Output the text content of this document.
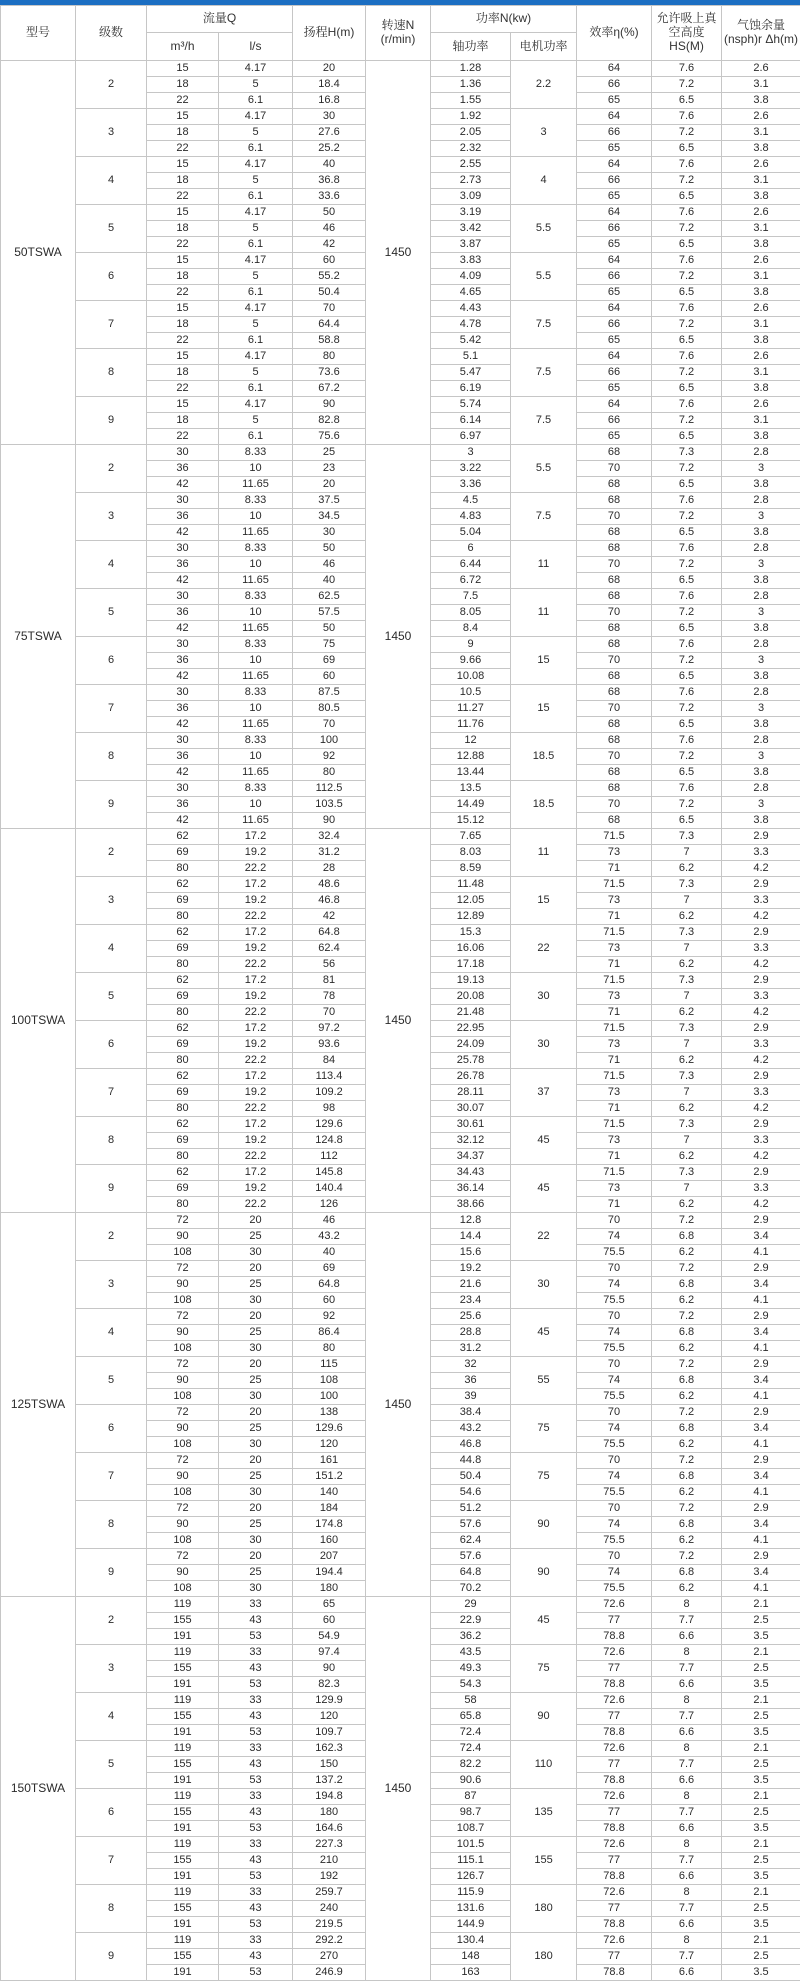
型号	级数	流量Q		扬程H(m)	转速N (r/min)	功率N(kw)		效率η(%)	允许吸上真空高度 HS(M)	气蚀余量 (nsph)r Δh(m)
		m³/h	l/s			轴功率	电机功率			
50TSWA	2	15	4.17	20	1450	1.28	2.2	64	7.6	2.6
		18	5	18.4		1.36		66	7.2	3.1
		22	6.1	16.8		1.55		65	6.5	3.8
	3	15	4.17	30		1.92	3	64	7.6	2.6
		18	5	27.6		2.05		66	7.2	3.1
		22	6.1	25.2		2.32		65	6.5	3.8
	4	15	4.17	40		2.55	4	64	7.6	2.6
		18	5	36.8		2.73		66	7.2	3.1
		22	6.1	33.6		3.09		65	6.5	3.8
	5	15	4.17	50		3.19	5.5	64	7.6	2.6
		18	5	46		3.42		66	7.2	3.1
		22	6.1	42		3.87		65	6.5	3.8
	6	15	4.17	60		3.83	5.5	64	7.6	2.6
		18	5	55.2		4.09		66	7.2	3.1
		22	6.1	50.4		4.65		65	6.5	3.8
	7	15	4.17	70		4.43	7.5	64	7.6	2.6
		18	5	64.4		4.78		66	7.2	3.1
		22	6.1	58.8		5.42		65	6.5	3.8
	8	15	4.17	80		5.1	7.5	64	7.6	2.6
		18	5	73.6		5.47		66	7.2	3.1
		22	6.1	67.2		6.19		65	6.5	3.8
	9	15	4.17	90		5.74	7.5	64	7.6	2.6
		18	5	82.8		6.14		66	7.2	3.1
		22	6.1	75.6		6.97		65	6.5	3.8
75TSWA	2	30	8.33	25	1450	3	5.5	68	7.3	2.8
		36	10	23		3.22		70	7.2	3
		42	11.65	20		3.36		68	6.5	3.8
	3	30	8.33	37.5		4.5	7.5	68	7.6	2.8
		36	10	34.5		4.83		70	7.2	3
		42	11.65	30		5.04		68	6.5	3.8
	4	30	8.33	50		6	11	68	7.6	2.8
		36	10	46		6.44		70	7.2	3
		42	11.65	40		6.72		68	6.5	3.8
	5	30	8.33	62.5		7.5	11	68	7.6	2.8
		36	10	57.5		8.05		70	7.2	3
		42	11.65	50		8.4		68	6.5	3.8
	6	30	8.33	75		9	15	68	7.6	2.8
		36	10	69		9.66		70	7.2	3
		42	11.65	60		10.08		68	6.5	3.8
	7	30	8.33	87.5		10.5	15	68	7.6	2.8
		36	10	80.5		11.27		70	7.2	3
		42	11.65	70		11.76		68	6.5	3.8
	8	30	8.33	100		12	18.5	68	7.6	2.8
		36	10	92		12.88		70	7.2	3
		42	11.65	80		13.44		68	6.5	3.8
	9	30	8.33	112.5		13.5	18.5	68	7.6	2.8
		36	10	103.5		14.49		70	7.2	3
		42	11.65	90		15.12		68	6.5	3.8
100TSWA	2	62	17.2	32.4	1450	7.65	11	71.5	7.3	2.9
		69	19.2	31.2		8.03		73	7	3.3
		80	22.2	28		8.59		71	6.2	4.2
	3	62	17.2	48.6		11.48	15	71.5	7.3	2.9
		69	19.2	46.8		12.05		73	7	3.3
		80	22.2	42		12.89		71	6.2	4.2
	4	62	17.2	64.8		15.3	22	71.5	7.3	2.9
		69	19.2	62.4		16.06		73	7	3.3
		80	22.2	56		17.18		71	6.2	4.2
	5	62	17.2	81		19.13	30	71.5	7.3	2.9
		69	19.2	78		20.08		73	7	3.3
		80	22.2	70		21.48		71	6.2	4.2
	6	62	17.2	97.2		22.95	30	71.5	7.3	2.9
		69	19.2	93.6		24.09		73	7	3.3
		80	22.2	84		25.78		71	6.2	4.2
	7	62	17.2	113.4		26.78	37	71.5	7.3	2.9
		69	19.2	109.2		28.11		73	7	3.3
		80	22.2	98		30.07		71	6.2	4.2
	8	62	17.2	129.6		30.61	45	71.5	7.3	2.9
		69	19.2	124.8		32.12		73	7	3.3
		80	22.2	112		34.37		71	6.2	4.2
	9	62	17.2	145.8		34.43	45	71.5	7.3	2.9
		69	19.2	140.4		36.14		73	7	3.3
		80	22.2	126		38.66		71	6.2	4.2
125TSWA	2	72	20	46	1450	12.8	22	70	7.2	2.9
		90	25	43.2		14.4		74	6.8	3.4
		108	30	40		15.6		75.5	6.2	4.1
	3	72	20	69		19.2	30	70	7.2	2.9
		90	25	64.8		21.6		74	6.8	3.4
		108	30	60		23.4		75.5	6.2	4.1
	4	72	20	92		25.6	45	70	7.2	2.9
		90	25	86.4		28.8		74	6.8	3.4
		108	30	80		31.2		75.5	6.2	4.1
	5	72	20	115		32	55	70	7.2	2.9
		90	25	108		36		74	6.8	3.4
		108	30	100		39		75.5	6.2	4.1
	6	72	20	138		38.4	75	70	7.2	2.9
		90	25	129.6		43.2		74	6.8	3.4
		108	30	120		46.8		75.5	6.2	4.1
	7	72	20	161		44.8	75	70	7.2	2.9
		90	25	151.2		50.4		74	6.8	3.4
		108	30	140		54.6		75.5	6.2	4.1
	8	72	20	184		51.2	90	70	7.2	2.9
		90	25	174.8		57.6		74	6.8	3.4
		108	30	160		62.4		75.5	6.2	4.1
	9	72	20	207		57.6	90	70	7.2	2.9
		90	25	194.4		64.8		74	6.8	3.4
		108	30	180		70.2		75.5	6.2	4.1
150TSWA	2	119	33	65	1450	29	45	72.6	8	2.1
		155	43	60		22.9		77	7.7	2.5
		191	53	54.9		36.2		78.8	6.6	3.5
	3	119	33	97.4		43.5	75	72.6	8	2.1
		155	43	90		49.3		77	7.7	2.5
		191	53	82.3		54.3		78.8	6.6	3.5
	4	119	33	129.9		58	90	72.6	8	2.1
		155	43	120		65.8		77	7.7	2.5
		191	53	109.7		72.4		78.8	6.6	3.5
	5	119	33	162.3		72.4	110	72.6	8	2.1
		155	43	150		82.2		77	7.7	2.5
		191	53	137.2		90.6		78.8	6.6	3.5
	6	119	33	194.8		87	135	72.6	8	2.1
		155	43	180		98.7		77	7.7	2.5
		191	53	164.6		108.7		78.8	6.6	3.5
	7	119	33	227.3		101.5	155	72.6	8	2.1
		155	43	210		115.1		77	7.7	2.5
		191	53	192		126.7		78.8	6.6	3.5
	8	119	33	259.7		115.9	180	72.6	8	2.1
		155	43	240		131.6		77	7.7	2.5
		191	53	219.5		144.9		78.8	6.6	3.5
	9	119	33	292.2		130.4	180	72.6	8	2.1
		155	43	270		148		77	7.7	2.5
		191	53	246.9		163		78.8	6.6	3.5
